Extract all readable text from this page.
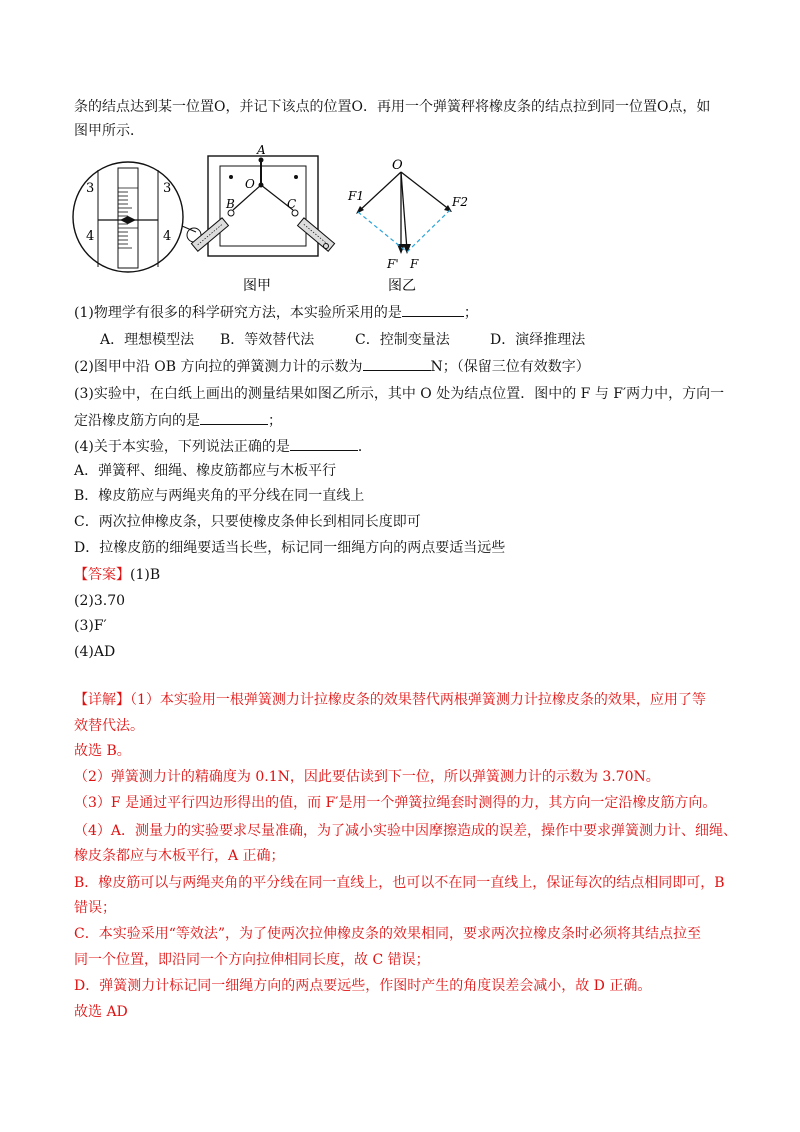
条的结点达到某一位置O，并记下该点的位置O．再用一个弹簧秤将橡皮条的结点拉到同一位置O点，如
图甲所示．
3	3
4	4
A
O
B	C
O
F1	F2
F' F
图甲	图乙
(1)物理学有很多的科学研究方法，本实验所采用的是	；
A．理想模型法 B．等效替代法	C．控制变量法	D．演绎推理法
(2)图甲中沿 OB 方向拉的弹簧测力计的示数为	N；（保留三位有效数字）
(3)实验中，在白纸上画出的测量结果如图乙所示，其中 O 处为结点位置．图中的 F 与 F′两力中，方向一
定沿橡皮筋方向的是	；
(4)关于本实验，下列说法正确的是	．
A．弹簧秤、细绳、橡皮筋都应与木板平行
B．橡皮筋应与两绳夹角的平分线在同一直线上
C．两次拉伸橡皮条，只要使橡皮条伸长到相同长度即可
D．拉橡皮筋的细绳要适当长些，标记同一细绳方向的两点要适当远些
【答案】(1)B
(2)3.70
(3)F′
(4)AD
【详解】（1）本实验用一根弹簧测力计拉橡皮条的效果替代两根弹簧测力计拉橡皮条的效果，应用了等
效替代法。
故选 B。
（2）弹簧测力计的精确度为 0.1N，因此要估读到下一位，所以弹簧测力计的示数为 3.70N。
（3）F 是通过平行四边形得出的值，而 F′是用一个弹簧拉绳套时测得的力，其方向一定沿橡皮筋方向。
（4）A．测量力的实验要求尽量准确，为了减小实验中因摩擦造成的误差，操作中要求弹簧测力计、细绳、
橡皮条都应与木板平行，A 正确；
B．橡皮筋可以与两绳夹角的平分线在同一直线上，也可以不在同一直线上，保证每次的结点相同即可，B
错误；
C．本实验采用“等效法”，为了使两次拉伸橡皮条的效果相同，要求两次拉橡皮条时必须将其结点拉至
同一个位置，即沿同一个方向拉伸相同长度，故 C 错误；
D．弹簧测力计标记同一细绳方向的两点要远些，作图时产生的角度误差会减小，故 D 正确。
故选 AD
